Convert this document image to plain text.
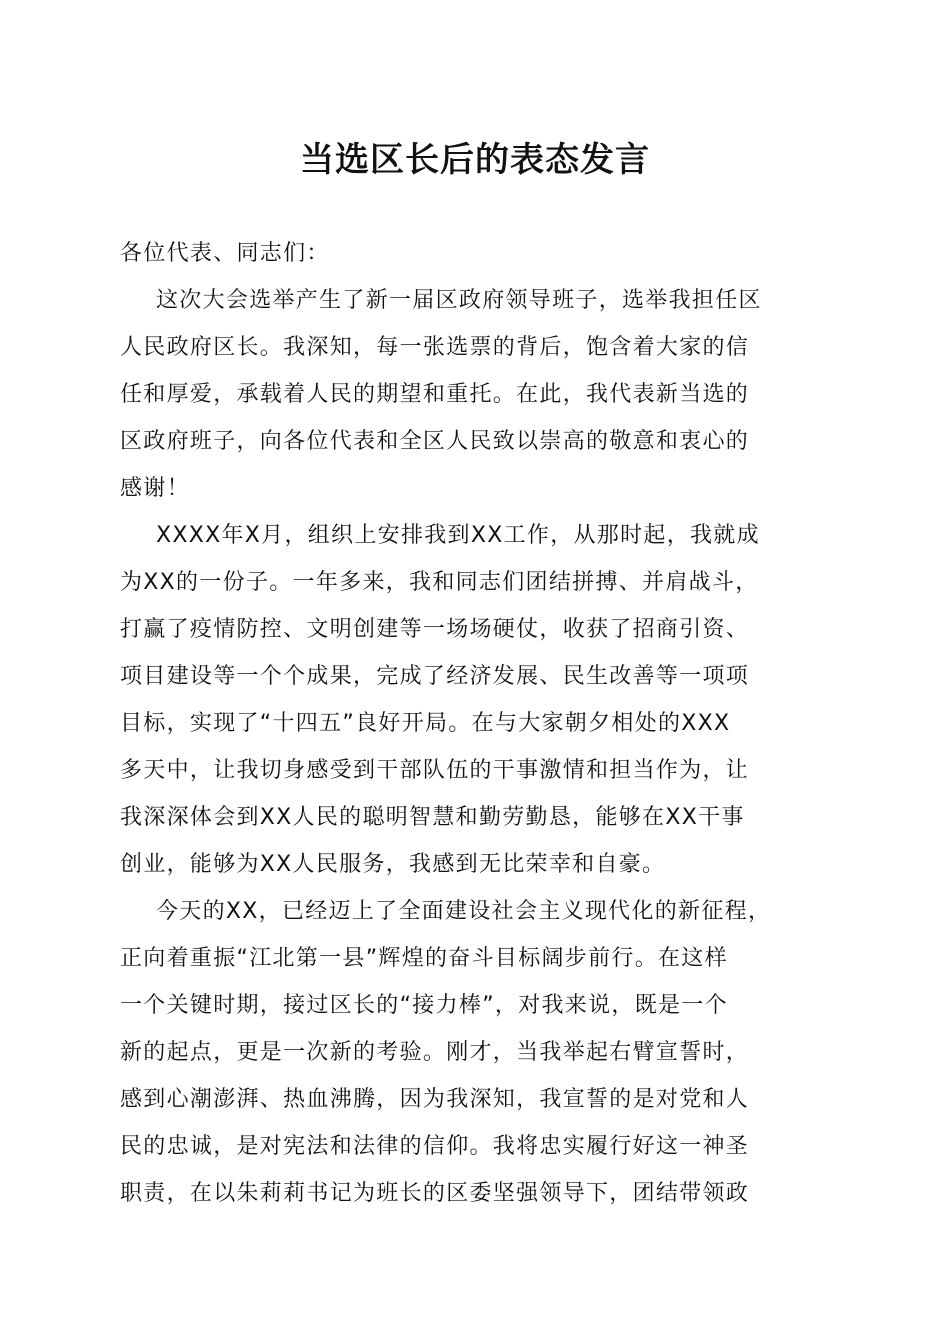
当选区长后的表态发言
各位代表、同志们：
这次大会选举产生了新一届区政府领导班子，选举我担任区
人民政府区长。我深知，每一张选票的背后，饱含着大家的信
任和厚爱，承载着人民的期望和重托。在此，我代表新当选的
区政府班子，向各位代表和全区人民致以崇高的敬意和衷心的
感谢！
XXXX年X月，组织上安排我到XX工作，从那时起，我就成
为XX的一份子。一年多来，我和同志们团结拼搏、并肩战斗，
打赢了疫情防控、文明创建等一场场硬仗，收获了招商引资、
项目建设等一个个成果，完成了经济发展、民生改善等一项项
目标，实现了“十四五”良好开局。在与大家朝夕相处的XXX
多天中，让我切身感受到干部队伍的干事激情和担当作为，让
我深深体会到XX人民的聪明智慧和勤劳勤恳，能够在XX干事
创业，能够为XX人民服务，我感到无比荣幸和自豪。
今天的XX，已经迈上了全面建设社会主义现代化的新征程，
正向着重振“江北第一县”辉煌的奋斗目标阔步前行。在这样
一个关键时期，接过区长的“接力棒”，对我来说，既是一个
新的起点，更是一次新的考验。刚才，当我举起右臂宣誓时，
感到心潮澎湃、热血沸腾，因为我深知，我宣誓的是对党和人
民的忠诚，是对宪法和法律的信仰。我将忠实履行好这一神圣
职责，在以朱莉莉书记为班长的区委坚强领导下，团结带领政
